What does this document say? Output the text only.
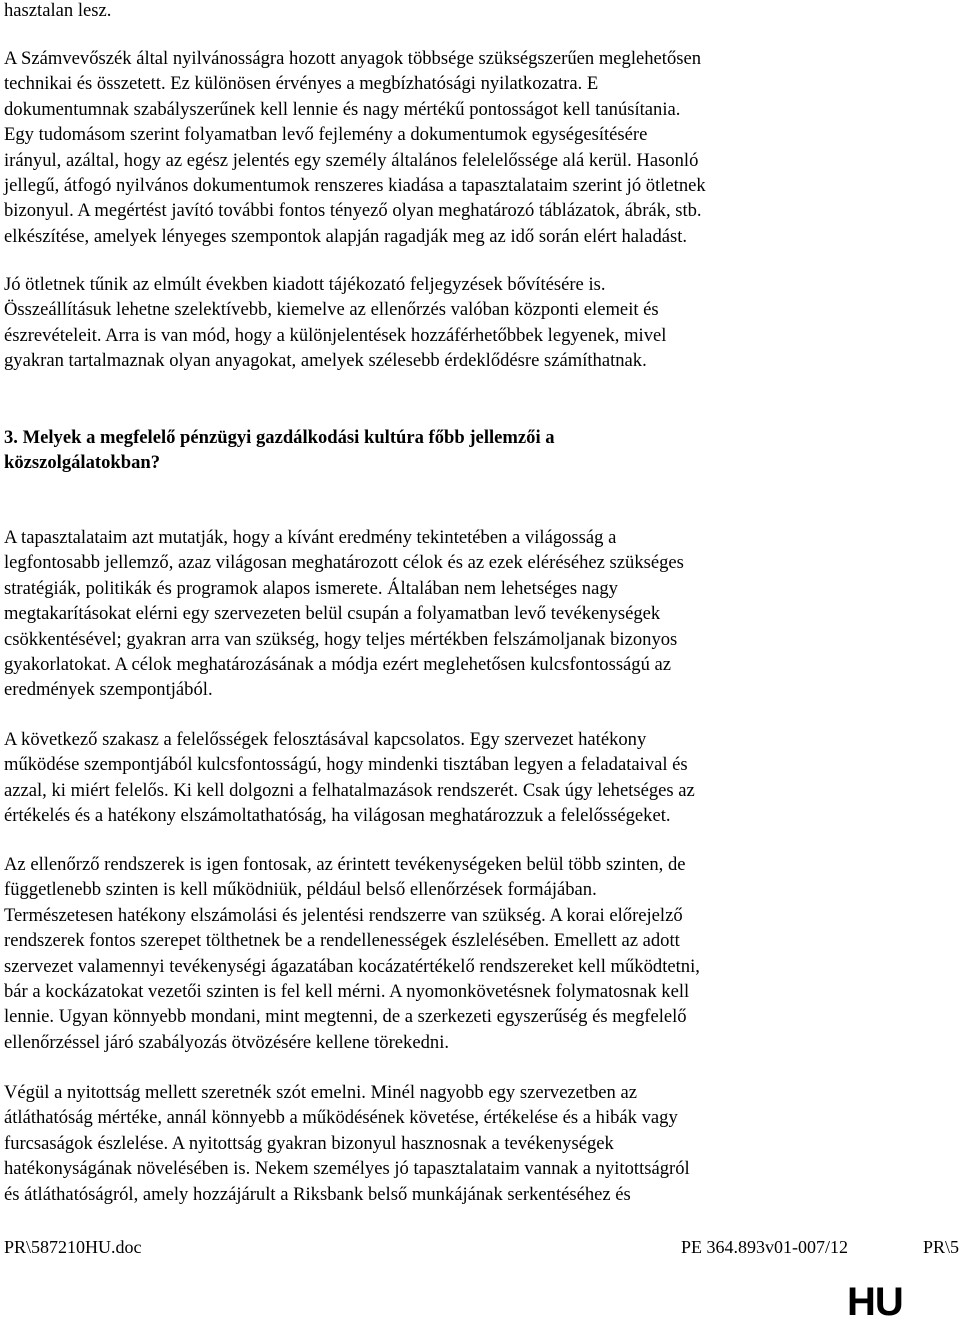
hasztalan lesz.

A Számvevőszék által nyilvánosságra hozott anyagok többsége szükségszerűen meglehetősen
technikai és összetett. Ez különösen érvényes a megbízhatósági nyilatkozatra. E
dokumentumnak szabályszerűnek kell lennie és nagy mértékű pontosságot kell tanúsítania.
Egy tudomásom szerint folyamatban levő fejlemény a dokumentumok egységesítésére
irányul, azáltal, hogy az egész jelentés egy személy általános felelelőssége alá kerül. Hasonló
jellegű, átfogó nyilvános dokumentumok renszeres kiadása a tapasztalataim szerint jó ötletnek
bizonyul. A megértést javító további fontos tényező olyan meghatározó táblázatok, ábrák, stb.
elkészítése, amelyek lényeges szempontok alapján ragadják meg az idő során elért haladást.

Jó ötletnek tűnik az elmúlt években kiadott tájékozató feljegyzések bővítésére is.
Összeállításuk lehetne szelektívebb, kiemelve az ellenőrzés valóban központi elemeit és
észrevételeit. Arra is van mód, hogy a különjelentések hozzáférhetőbbek legyenek, mivel
gyakran tartalmaznak olyan anyagokat, amelyek szélesebb érdeklődésre számíthatnak.

3. Melyek a megfelelő pénzügyi gazdálkodási kultúra főbb jellemzői a
közszolgálatokban?

A tapasztalataim azt mutatják, hogy a kívánt eredmény tekintetében a világosság a
legfontosabb jellemző, azaz világosan meghatározott célok és az ezek eléréséhez szükséges
stratégiák, politikák és programok alapos ismerete. Általában nem lehetséges nagy
megtakarításokat elérni egy szervezeten belül csupán a folyamatban levő tevékenységek
csökkentésével; gyakran arra van szükség, hogy teljes mértékben felszámoljanak bizonyos
gyakorlatokat. A célok meghatározásának a módja ezért meglehetősen kulcsfontosságú az
eredmények szempontjából.

A következő szakasz a felelősségek felosztásával kapcsolatos. Egy szervezet hatékony
működése szempontjából kulcsfontosságú, hogy mindenki tisztában legyen a feladataival és
azzal, ki miért felelős. Ki kell dolgozni a felhatalmazások rendszerét. Csak úgy lehetséges az
értékelés és a hatékony elszámoltathatóság, ha világosan meghatározzuk a felelősségeket.

Az ellenőrző rendszerek is igen fontosak, az érintett tevékenységeken belül több szinten, de
függetlenebb szinten is kell működniük, például belső ellenőrzések formájában.
Természetesen hatékony elszámolási és jelentési rendszerre van szükség. A korai előrejelző
rendszerek fontos szerepet tölthetnek be a rendellenességek észlelésében. Emellett az adott
szervezet valamennyi tevékenységi ágazatában kocázatértékelő rendszereket kell működtetni,
bár a kockázatokat vezetői szinten is fel kell mérni. A nyomonkövetésnek folymatosnak kell
lennie. Ugyan könnyebb mondani, mint megtenni, de a szerkezeti egyszerűség és megfelelő
ellenőrzéssel járó szabályozás ötvözésére kellene törekedni.

Végül a nyitottság mellett szeretnék szót emelni. Minél nagyobb egy szervezetben az
átláthatóság mértéke, annál könnyebb a működésének követése, értékelése és a hibák vagy
furcsaságok észlelése. A nyitottság gyakran bizonyul hasznosnak a tevékenységek
hatékonyságának növelésében is. Nekem személyes jó tapasztalataim vannak a nyitottságról
és átláthatóságról, amely hozzájárult a Riksbank belső munkájának serkentéséhez és

PR\587210HU.doc	PE 364.893v01-007/12	PR\5
HU
